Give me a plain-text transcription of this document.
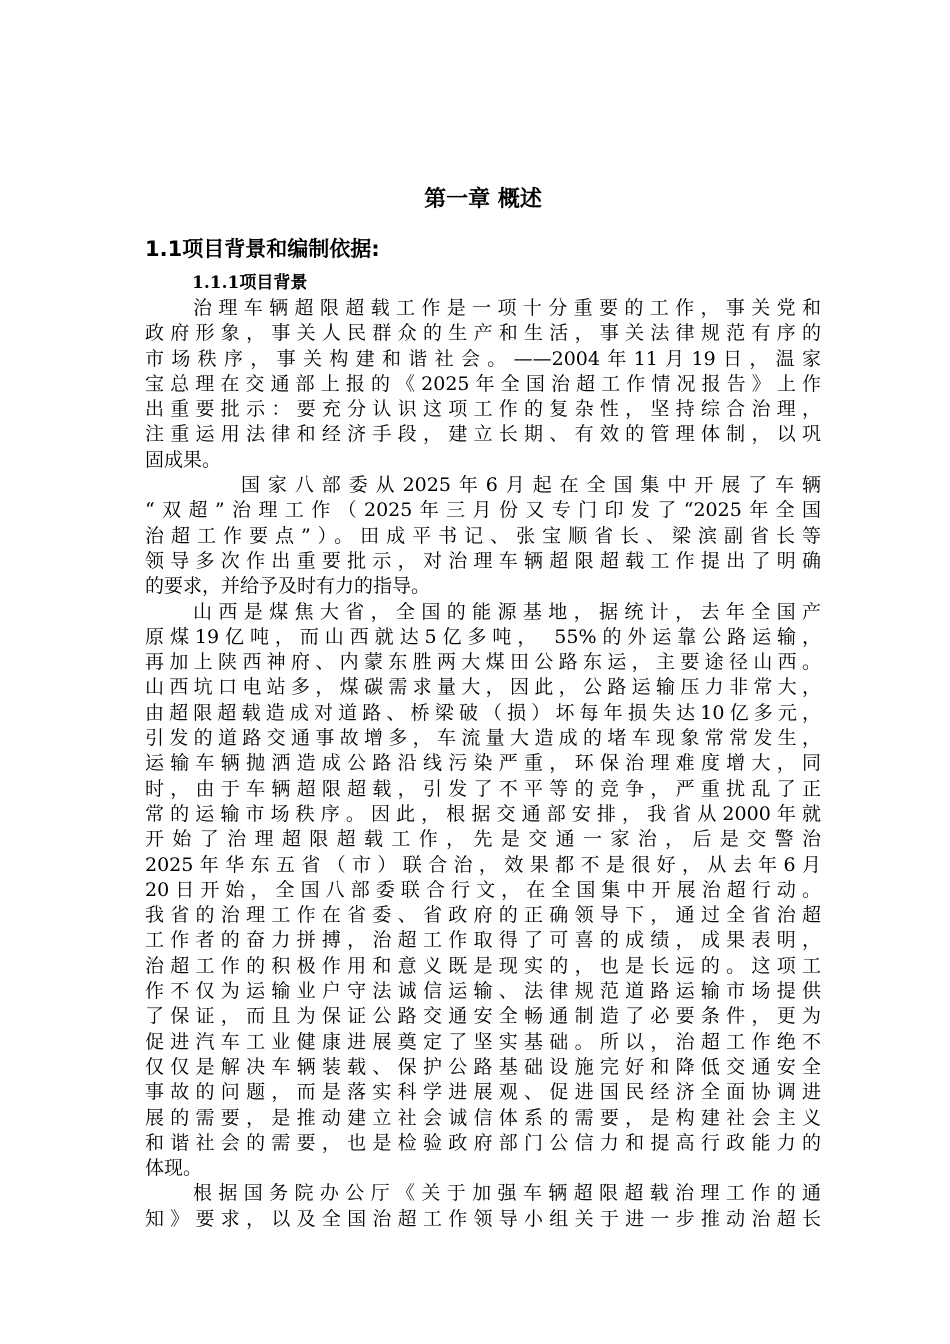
第一章 概述
1.1项目背景和编制依据:
1.1.1项目背景
治理车辆超限超载工作是一项十分重要的工作，事关党和
政府形象，事关人民群众的生产和生活，事关法律规范有序的
市场秩序，事关构建和谐社会。——2004年11月19日，温家
宝总理在交通部上报的《2025年全国治超工作情况报告》上作
出重要批示：要充分认识这项工作的复杂性，坚持综合治理，
注重运用法律和经济手段，建立长期、有效的管理体制，以巩
固成果。
国家八部委从2025年6月起在全国集中开展了车辆
“双超”治理工作（2025年三月份又专门印发了“2025年全国
治超工作要点”）。田成平书记、张宝顺省长、梁滨副省长等
领导多次作出重要批示，对治理车辆超限超载工作提出了明确
的要求，并给予及时有力的指导。
山西是煤焦大省，全国的能源基地，据统计，去年全国产
原煤19亿吨，而山西就达5亿多吨， 55%的外运靠公路运输，
再加上陕西神府、内蒙东胜两大煤田公路东运，主要途径山西。
山西坑口电站多，煤碳需求量大，因此，公路运输压力非常大，
由超限超载造成对道路、桥梁破（损）坏每年损失达10亿多元，
引发的道路交通事故增多，车流量大造成的堵车现象常常发生，
运输车辆抛洒造成公路沿线污染严重，环保治理难度增大，同
时，由于车辆超限超载，引发了不平等的竞争，严重扰乱了正
常的运输市场秩序。因此，根据交通部安排，我省从2000年就
开始了治理超限超载工作，先是交通一家治，后是交警治
2025年华东五省（市）联合治，效果都不是很好，从去年6月
20日开始，全国八部委联合行文，在全国集中开展治超行动。
我省的治理工作在省委、省政府的正确领导下，通过全省治超
工作者的奋力拼搏，治超工作取得了可喜的成绩，成果表明，
治超工作的积极作用和意义既是现实的，也是长远的。这项工
作不仅为运输业户守法诚信运输、法律规范道路运输市场提供
了保证，而且为保证公路交通安全畅通制造了必要条件，更为
促进汽车工业健康进展奠定了坚实基础。所以，治超工作绝不
仅仅是解决车辆装载、保护公路基础设施完好和降低交通安全
事故的问题，而是落实科学进展观、促进国民经济全面协调进
展的需要，是推动建立社会诚信体系的需要，是构建社会主义
和谐社会的需要，也是检验政府部门公信力和提高行政能力的
体现。
根据国务院办公厅《关于加强车辆超限超载治理工作的通
知》要求，以及全国治超工作领导小组关于进一步推动治超长
